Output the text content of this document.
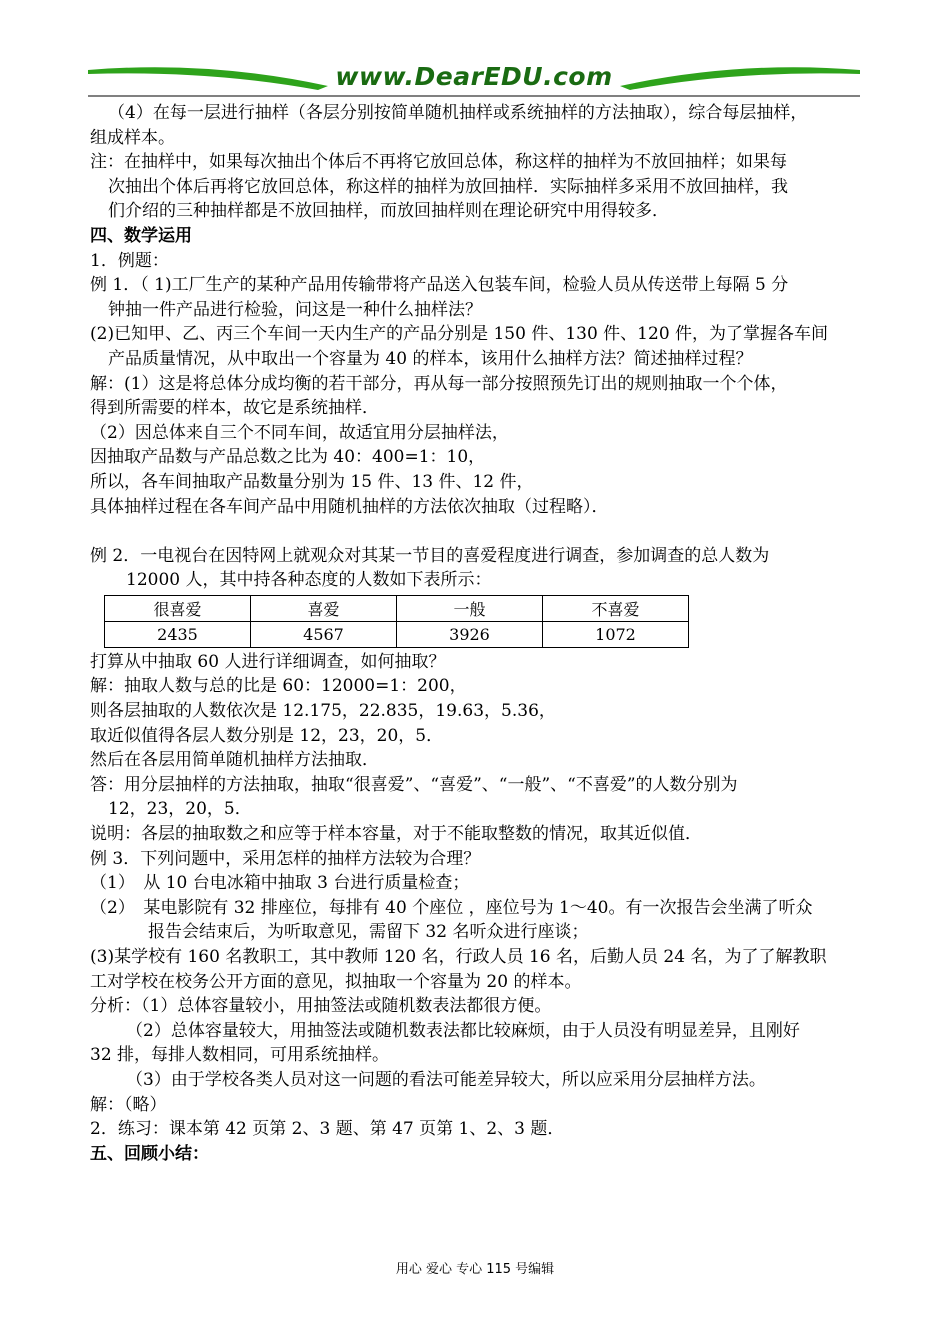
www.DearEDU.com
（4）在每一层进行抽样（各层分别按简单随机抽样或系统抽样的方法抽取），综合每层抽样，
组成样本。
注：在抽样中，如果每次抽出个体后不再将它放回总体，称这样的抽样为不放回抽样；如果每
次抽出个体后再将它放回总体，称这样的抽样为放回抽样．实际抽样多采用不放回抽样，我
们介绍的三种抽样都是不放回抽样，而放回抽样则在理论研究中用得较多．
四、数学运用
1．例题：
例 1．（ 1)工厂生产的某种产品用传输带将产品送入包装车间，检验人员从传送带上每隔 5 分
钟抽一件产品进行检验，问这是一种什么抽样法？
(2)已知甲、乙、丙三个车间一天内生产的产品分别是 150 件、130 件、120 件，为了掌握各车间
产品质量情况，从中取出一个容量为 40 的样本，该用什么抽样方法？简述抽样过程？
解：(1）这是将总体分成均衡的若干部分，再从每一部分按照预先订出的规则抽取一个个体，
得到所需要的样本，故它是系统抽样．
（2）因总体来自三个不同车间，故适宜用分层抽样法，
因抽取产品数与产品总数之比为 40：400=1：10，
所以，各车间抽取产品数量分别为 15 件、13 件、12 件，
具体抽样过程在各车间产品中用随机抽样的方法依次抽取（过程略）．
例 2．一电视台在因特网上就观众对其某一节目的喜爱程度进行调查，参加调查的总人数为
12000 人，其中持各种态度的人数如下表所示：
很喜爱	喜爱	一般	不喜爱
2435	4567	3926	1072
打算从中抽取 60 人进行详细调查，如何抽取？
解：抽取人数与总的比是 60：12000=1：200，
则各层抽取的人数依次是 12.175，22.835，19.63，5.36，
取近似值得各层人数分别是 12，23，20，5．
然后在各层用简单随机抽样方法抽取．
答：用分层抽样的方法抽取，抽取“很喜爱”、“喜爱”、“一般”、“不喜爱”的人数分别为
12，23，20，5．
说明：各层的抽取数之和应等于样本容量，对于不能取整数的情况，取其近似值．
例 3．下列问题中，采用怎样的抽样方法较为合理？
（1）　从 10 台电冰箱中抽取 3 台进行质量检查；
（2）　某电影院有 32 排座位，每排有 40 个座位 ，座位号为 1～40。有一次报告会坐满了听众
报告会结束后，为听取意见，需留下 32 名听众进行座谈；
(3)某学校有 160 名教职工，其中教师 120 名，行政人员 16 名，后勤人员 24 名，为了了解教职
工对学校在校务公开方面的意见，拟抽取一个容量为 20 的样本。
分析：（1）总体容量较小，用抽签法或随机数表法都很方便。
（2）总体容量较大，用抽签法或随机数表法都比较麻烦，由于人员没有明显差异，且刚好
32 排，每排人数相同，可用系统抽样。
（3）由于学校各类人员对这一问题的看法可能差异较大，所以应采用分层抽样方法。
解：（略）
2．练习：课本第 42 页第 2、3 题、第 47 页第 1、2、3 题．
五、回顾小结：
用心 爱心 专心 115 号编辑
